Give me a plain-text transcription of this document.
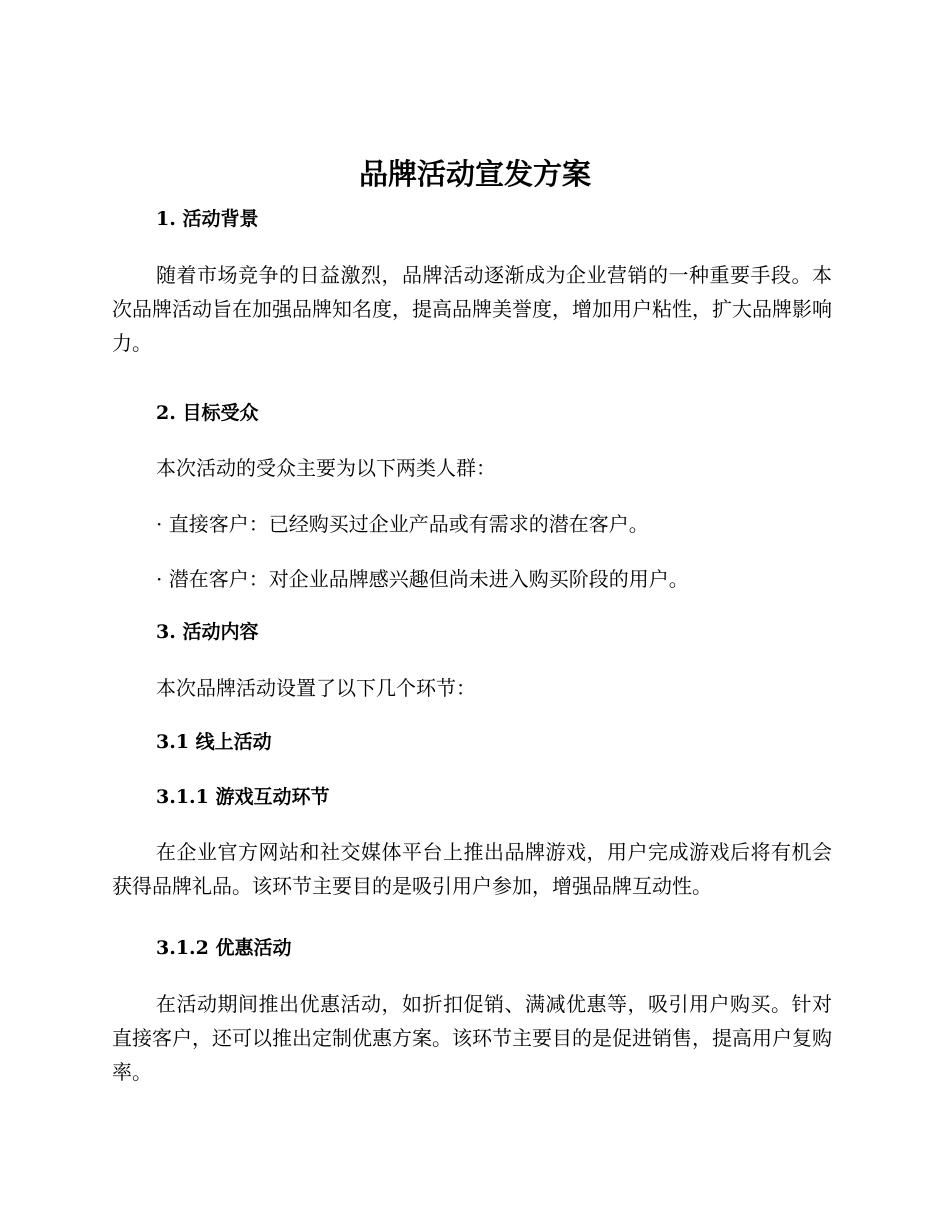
品牌活动宣发方案
1. 活动背景
随着市场竞争的日益激烈，品牌活动逐渐成为企业营销的一种重要手段。本次品牌活动旨在加强品牌知名度，提高品牌美誉度，增加用户粘性，扩大品牌影响力。
2. 目标受众
本次活动的受众主要为以下两类人群：
· 直接客户：已经购买过企业产品或有需求的潜在客户。
· 潜在客户：对企业品牌感兴趣但尚未进入购买阶段的用户。
3. 活动内容
本次品牌活动设置了以下几个环节：
3.1 线上活动
3.1.1 游戏互动环节
在企业官方网站和社交媒体平台上推出品牌游戏，用户完成游戏后将有机会获得品牌礼品。该环节主要目的是吸引用户参加，增强品牌互动性。
3.1.2 优惠活动
在活动期间推出优惠活动，如折扣促销、满减优惠等，吸引用户购买。针对直接客户，还可以推出定制优惠方案。该环节主要目的是促进销售，提高用户复购率。
